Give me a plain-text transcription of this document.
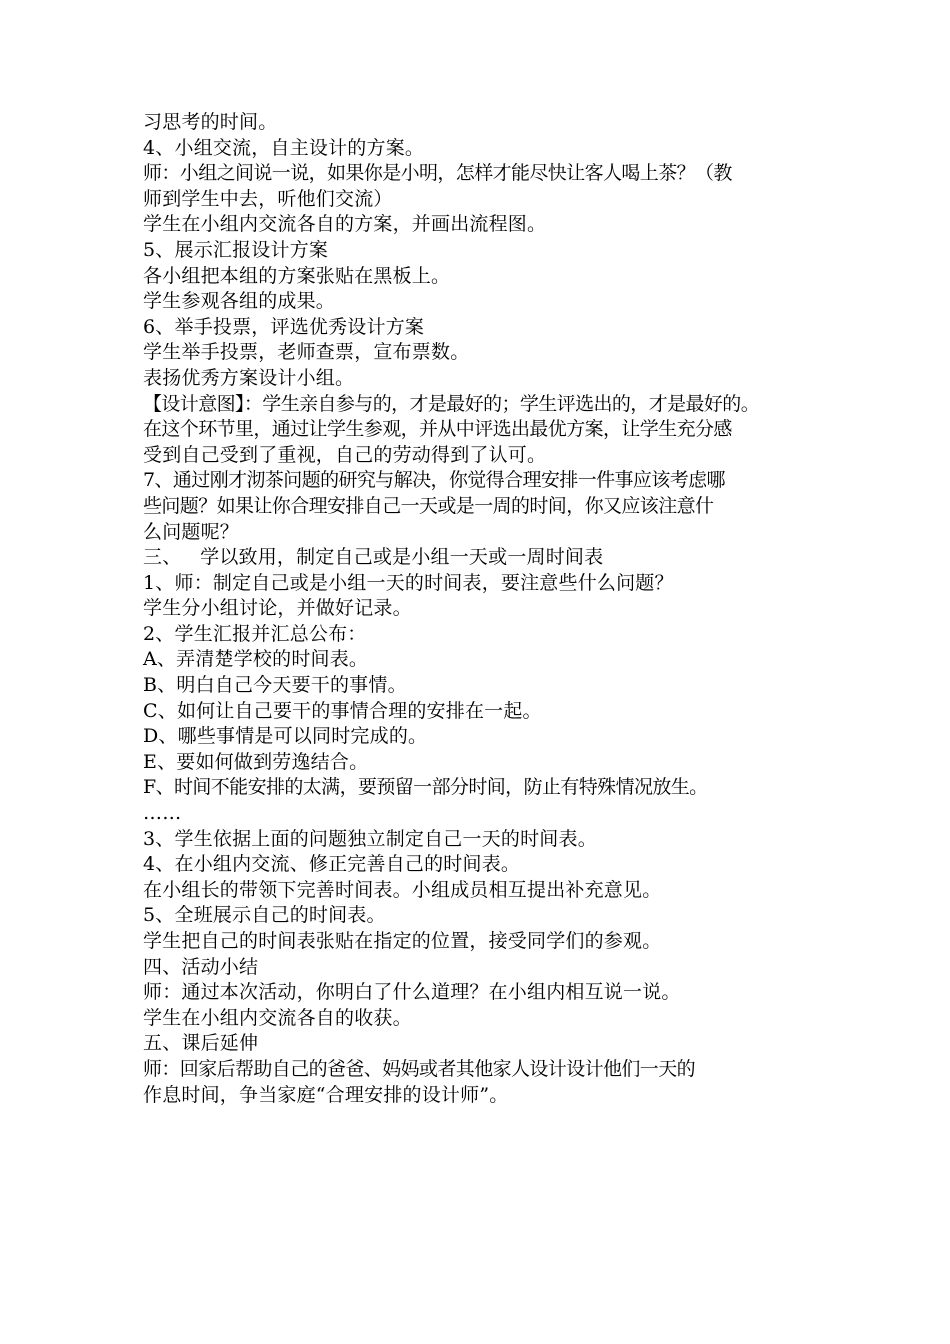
习思考的时间。
4、小组交流，自主设计的方案。
师：小组之间说一说，如果你是小明，怎样才能尽快让客人喝上茶？（教
师到学生中去，听他们交流）
学生在小组内交流各自的方案，并画出流程图。
5、展示汇报设计方案
各小组把本组的方案张贴在黑板上。
学生参观各组的成果。
6、举手投票，评选优秀设计方案
学生举手投票，老师查票，宣布票数。
表扬优秀方案设计小组。
【设计意图】：学生亲自参与的，才是最好的；学生评选出的，才是最好的。
在这个环节里，通过让学生参观，并从中评选出最优方案，让学生充分感
受到自己受到了重视，自己的劳动得到了认可。
7、通过刚才沏茶问题的研究与解决，你觉得合理安排一件事应该考虑哪
些问题？如果让你合理安排自己一天或是一周的时间，你又应该注意什
么问题呢？
三、   学以致用，制定自己或是小组一天或一周时间表
1、师：制定自己或是小组一天的时间表，要注意些什么问题？
学生分小组讨论，并做好记录。
2、学生汇报并汇总公布：
A、弄清楚学校的时间表。
B、明白自己今天要干的事情。
C、如何让自己要干的事情合理的安排在一起。
D、哪些事情是可以同时完成的。
E、要如何做到劳逸结合。
F、时间不能安排的太满，要预留一部分时间，防止有特殊情况放生。
……
3、学生依据上面的问题独立制定自己一天的时间表。
4、在小组内交流、修正完善自己的时间表。
在小组长的带领下完善时间表。小组成员相互提出补充意见。
5、全班展示自己的时间表。
学生把自己的时间表张贴在指定的位置，接受同学们的参观。
四、活动小结
师：通过本次活动，你明白了什么道理？在小组内相互说一说。
学生在小组内交流各自的收获。
五、课后延伸
师：回家后帮助自己的爸爸、妈妈或者其他家人设计设计他们一天的
作息时间，争当家庭“合理安排的设计师”。
